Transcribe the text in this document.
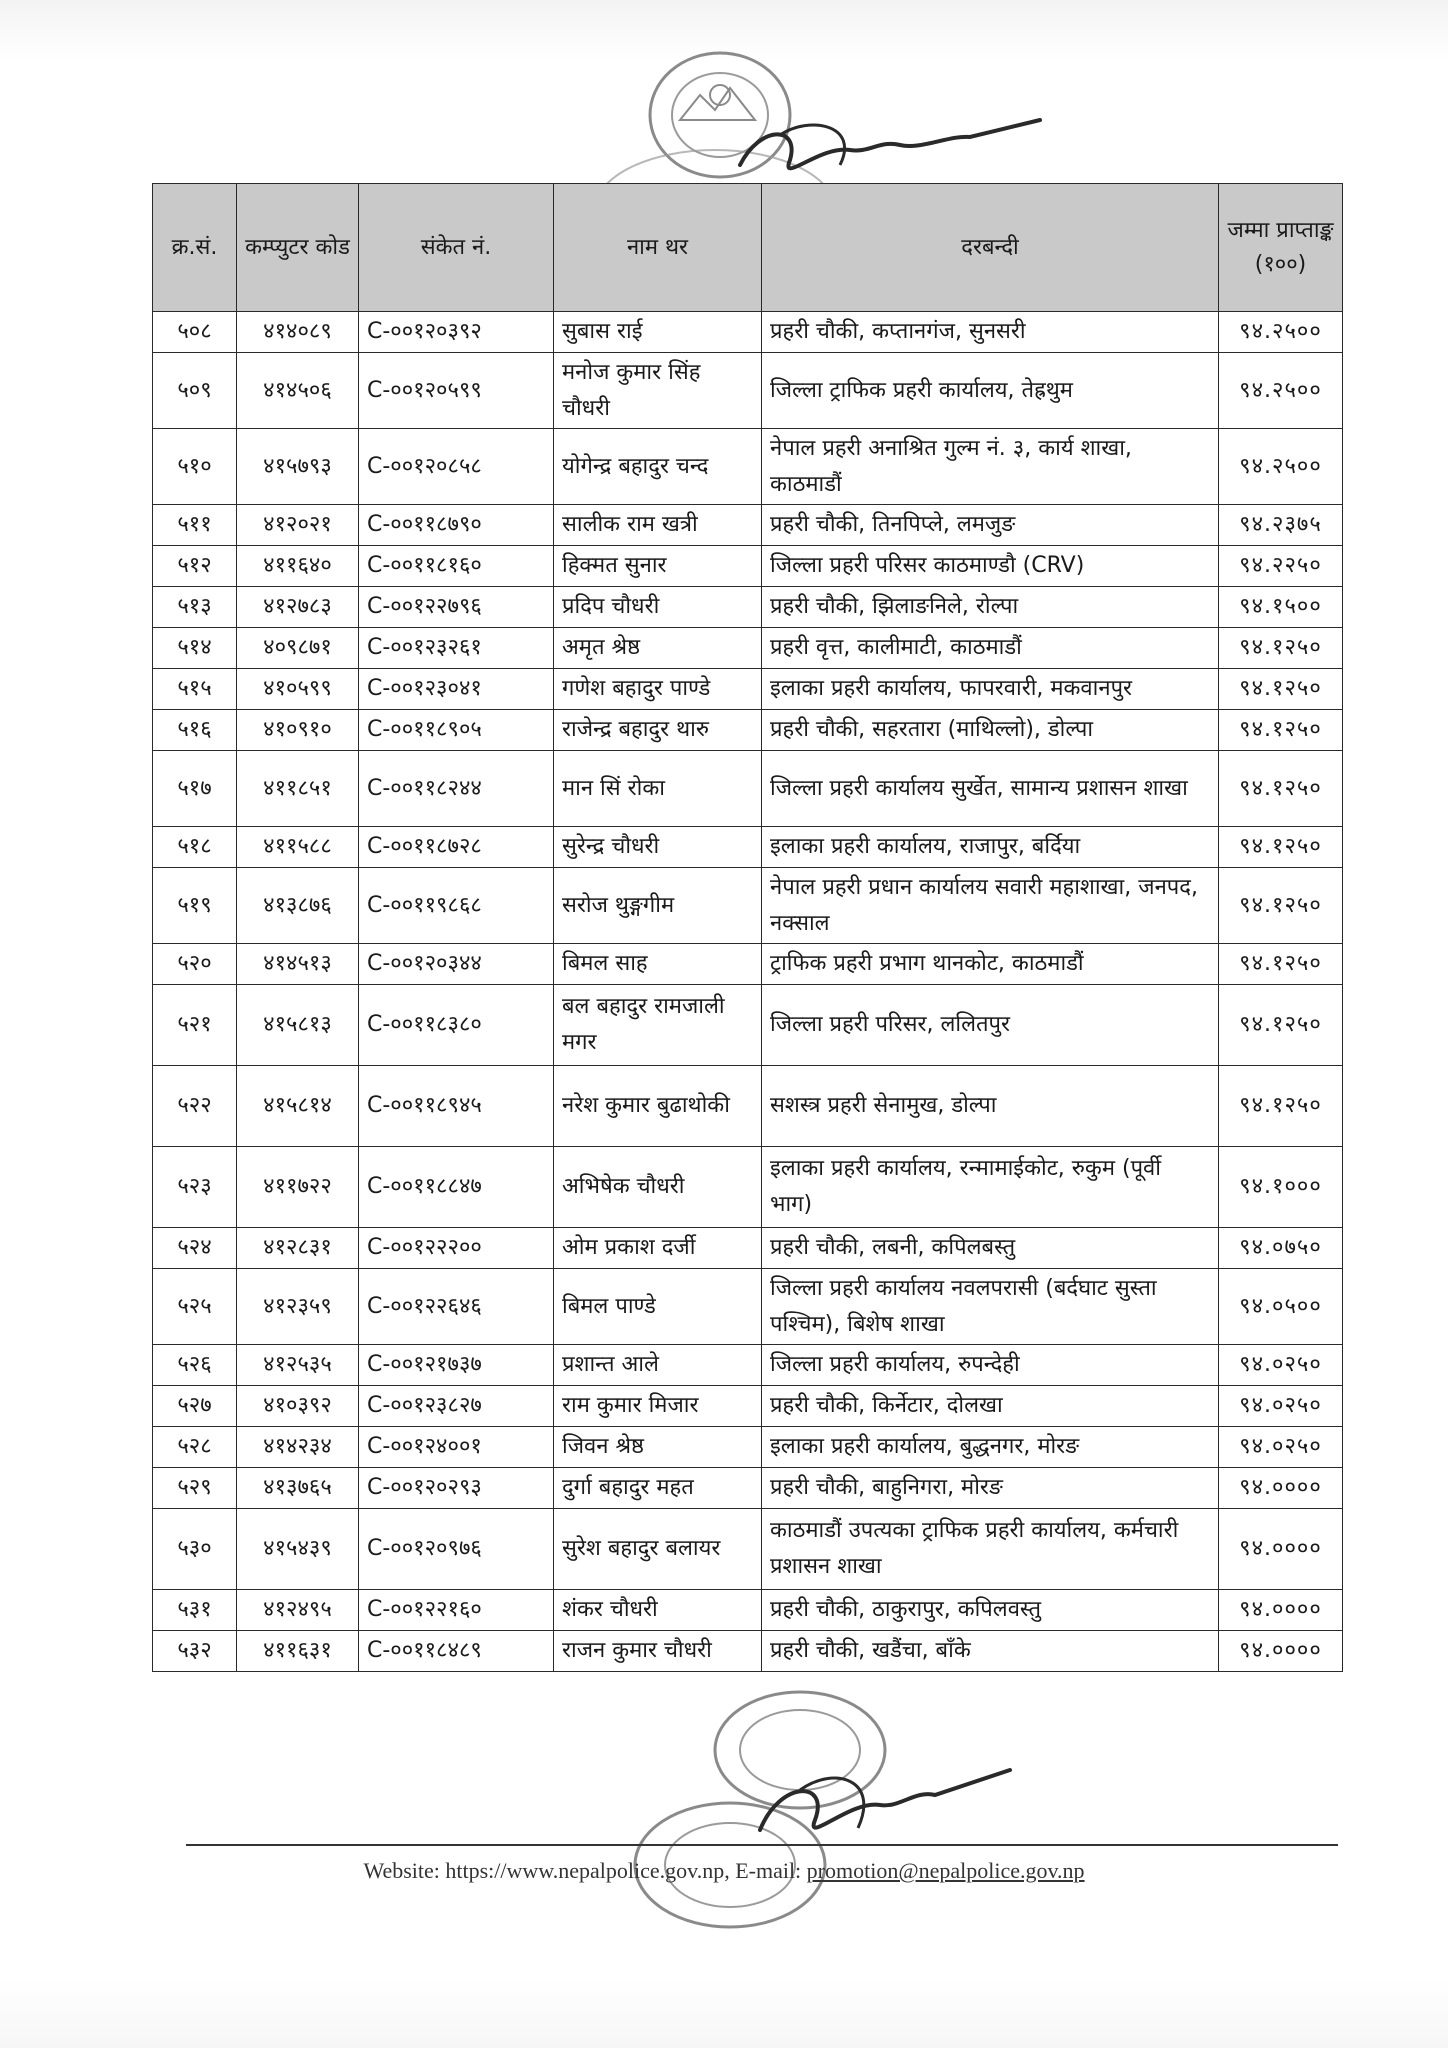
क्र.सं.	कम्प्युटर कोड	संकेत नं.	नाम थर	दरबन्दी	जम्मा प्राप्ताङ्क (१००)
५०८	४१४०८९	C-००१२०३९२	सुबास राई	प्रहरी चौकी, कप्तानगंज, सुनसरी	९४.२५००
५०९	४१४५०६	C-००१२०५९९	मनोज कुमार सिंह चौधरी	जिल्ला ट्राफिक प्रहरी कार्यालय, तेह्रथुम	९४.२५००
५१०	४१५७९३	C-००१२०८५८	योगेन्द्र बहादुर चन्द	नेपाल प्रहरी अनाश्रित गुल्म नं. ३, कार्य शाखा, काठमाडौं	९४.२५००
५११	४१२०२१	C-००११८७९०	सालीक राम खत्री	प्रहरी चौकी, तिनपिप्ले, लमजुङ	९४.२३७५
५१२	४११६४०	C-००११८१६०	हिक्मत सुनार	जिल्ला प्रहरी परिसर काठमाण्डौ (CRV)	९४.२२५०
५१३	४१२७८३	C-००१२२७९६	प्रदिप चौधरी	प्रहरी चौकी, झिलाङनिले, रोल्पा	९४.१५००
५१४	४०९८७१	C-००१२३२६१	अमृत श्रेष्ठ	प्रहरी वृत्त, कालीमाटी, काठमाडौं	९४.१२५०
५१५	४१०५९९	C-००१२३०४१	गणेश बहादुर पाण्डे	इलाका प्रहरी कार्यालय, फापरवारी, मकवानपुर	९४.१२५०
५१६	४१०९१०	C-००११८९०५	राजेन्द्र बहादुर थारु	प्रहरी चौकी, सहरतारा (माथिल्लो), डोल्पा	९४.१२५०
५१७	४११८५१	C-००११८२४४	मान सिं रोका	जिल्ला प्रहरी कार्यालय सुर्खेत, सामान्य प्रशासन शाखा	९४.१२५०
५१८	४११५८८	C-००११८७२८	सुरेन्द्र चौधरी	इलाका प्रहरी कार्यालय, राजापुर, बर्दिया	९४.१२५०
५१९	४१३८७६	C-००११९८६८	सरोज थुङ्गगीम	नेपाल प्रहरी प्रधान कार्यालय सवारी महाशाखा, जनपद, नक्साल	९४.१२५०
५२०	४१४५१३	C-००१२०३४४	बिमल साह	ट्राफिक प्रहरी प्रभाग थानकोट, काठमाडौं	९४.१२५०
५२१	४१५८१३	C-००११८३८०	बल बहादुर रामजाली मगर	जिल्ला प्रहरी परिसर, ललितपुर	९४.१२५०
५२२	४१५८१४	C-००११८९४५	नरेश कुमार बुढाथोकी	सशस्त्र प्रहरी सेनामुख, डोल्पा	९४.१२५०
५२३	४११७२२	C-००११८८४७	अभिषेक चौधरी	इलाका प्रहरी कार्यालय, रन्मामाईकोट, रुकुम (पूर्वी भाग)	९४.१०००
५२४	४१२८३१	C-००१२२२००	ओम प्रकाश दर्जी	प्रहरी चौकी, लबनी, कपिलबस्तु	९४.०७५०
५२५	४१२३५९	C-००१२२६४६	बिमल पाण्डे	जिल्ला प्रहरी कार्यालय नवलपरासी (बर्दघाट सुस्ता पश्चिम), बिशेष शाखा	९४.०५००
५२६	४१२५३५	C-००१२१७३७	प्रशान्त आले	जिल्ला प्रहरी कार्यालय, रुपन्देही	९४.०२५०
५२७	४१०३९२	C-००१२३८२७	राम कुमार मिजार	प्रहरी चौकी, किर्नेटार, दोलखा	९४.०२५०
५२८	४१४२३४	C-००१२४००१	जिवन श्रेष्ठ	इलाका प्रहरी कार्यालय, बुद्धनगर, मोरङ	९४.०२५०
५२९	४१३७६५	C-००१२०२९३	दुर्गा बहादुर महत	प्रहरी चौकी, बाहुनिगरा, मोरङ	९४.००००
५३०	४१५४३९	C-००१२०९७६	सुरेश बहादुर बलायर	काठमाडौं उपत्यका ट्राफिक प्रहरी कार्यालय, कर्मचारी प्रशासन शाखा	९४.००००
५३१	४१२४९५	C-००१२२१६०	शंकर चौधरी	प्रहरी चौकी, ठाकुरापुर, कपिलवस्तु	९४.००००
५३२	४११६३१	C-००११८४८९	राजन कुमार चौधरी	प्रहरी चौकी, खडैंचा, बाँके	९४.००००
Website: https://www.nepalpolice.gov.np, E-mail: promotion@nepalpolice.gov.np
